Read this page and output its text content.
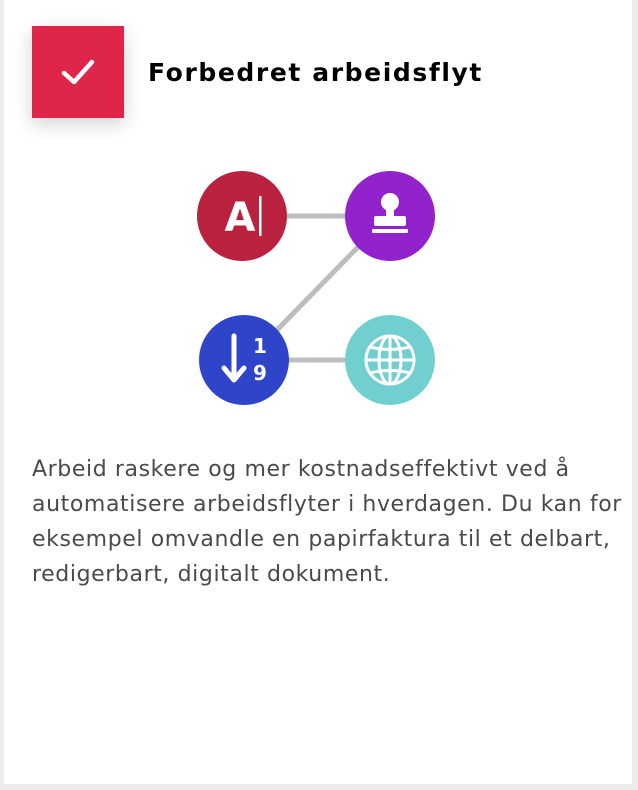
Forbedret arbeidsflyt
A
1
9
Arbeid raskere og mer kostnadseffektivt ved å automatisere arbeidsflyter i hverdagen. Du kan for eksempel omvandle en papirfaktura til et delbart, redigerbart, digitalt dokument.
